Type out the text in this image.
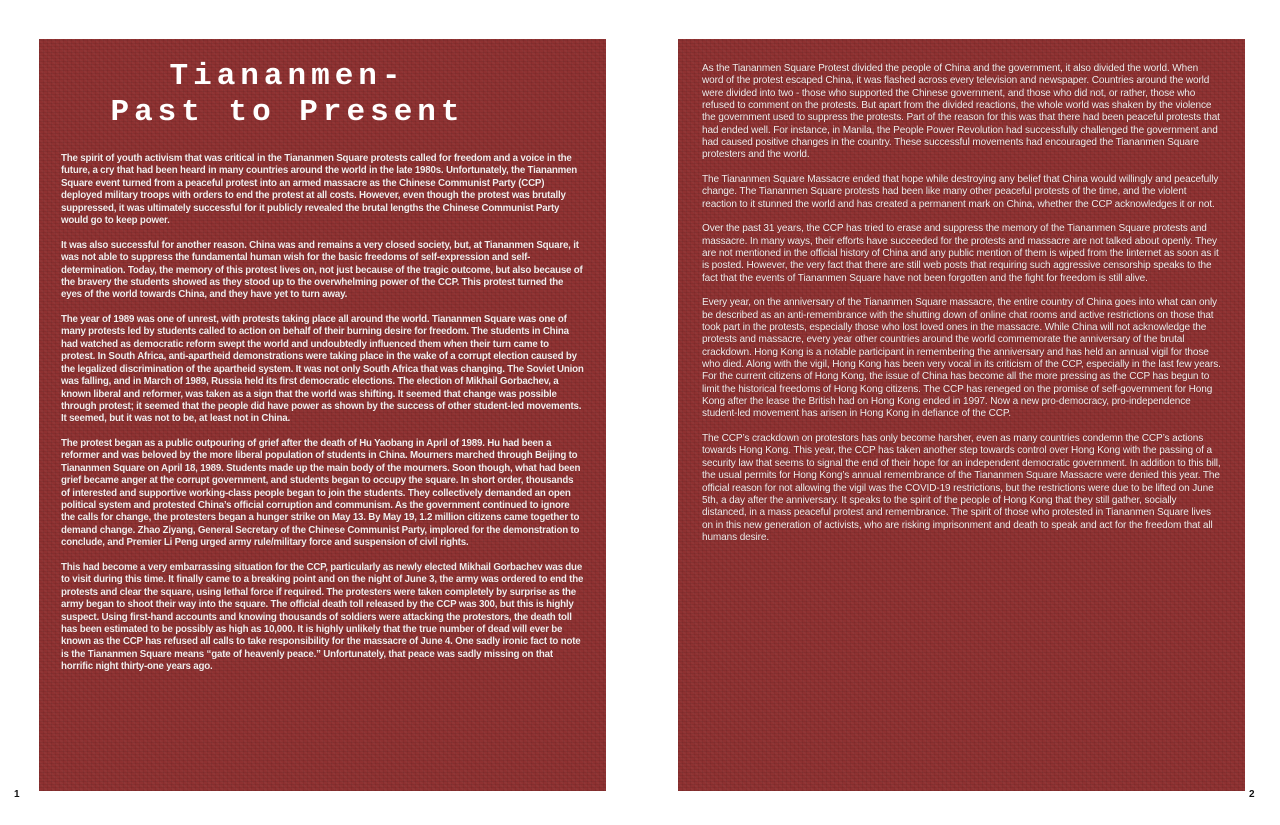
Tiananmen-
Past to Present

The spirit of youth activism that was critical in the Tiananmen Square protests called for freedom and a voice in the future, a cry that had been heard in many countries around the world in the late 1980s. Unfortunately, the Tiananmen Square event turned from a peaceful protest into an armed massacre as the Chinese Communist Party (CCP) deployed military troops with orders to end the protest at all costs. However, even though the protest was brutally suppressed, it was ultimately successful for it publicly revealed the brutal lengths the Chinese Communist Party would go to keep power.

It was also successful for another reason. China was and remains a very closed society, but, at Tiananmen Square, it was not able to suppress the fundamental human wish for the basic freedoms of self-expression and self-determination. Today, the memory of this protest lives on, not just because of the tragic outcome, but also because of the bravery the students showed as they stood up to the overwhelming power of the CCP. This protest turned the eyes of the world towards China, and they have yet to turn away.

The year of 1989 was one of unrest, with protests taking place all around the world. Tiananmen Square was one of many protests led by students called to action on behalf of their burning desire for freedom. The students in China had watched as democratic reform swept the world and undoubtedly influenced them when their turn came to protest. In South Africa, anti-apartheid demonstrations were taking place in the wake of a corrupt election caused by the legalized discrimination of the apartheid system. It was not only South Africa that was changing. The Soviet Union was falling, and in March of 1989, Russia held its first democratic elections. The election of Mikhail Gorbachev, a known liberal and reformer, was taken as a sign that the world was shifting. It seemed that change was possible through protest; it seemed that the people did have power as shown by the success of other student-led movements. It seemed, but it was not to be, at least not in China.

The protest began as a public outpouring of grief after the death of Hu Yaobang in April of 1989. Hu had been a reformer and was beloved by the more liberal population of students in China. Mourners marched through Beijing to Tiananmen Square on April 18, 1989. Students made up the main body of the mourners. Soon though, what had been grief became anger at the corrupt government, and students began to occupy the square. In short order, thousands of interested and supportive working-class people began to join the students. They collectively demanded an open political system and protested China’s official corruption and communism. As the government continued to ignore the calls for change, the protesters began a hunger strike on May 13. By May 19, 1.2 million citizens came together to demand change. Zhao Ziyang, General Secretary of the Chinese Communist Party, implored for the demonstration to conclude, and Premier Li Peng urged army rule/military force and suspension of civil rights.

This had become a very embarrassing situation for the CCP, particularly as newly elected Mikhail Gorbachev was due to visit during this time. It finally came to a breaking point and on the night of June 3, the army was ordered to end the protests and clear the square, using lethal force if required. The protesters were taken completely by surprise as the army began to shoot their way into the square. The official death toll released by the CCP was 300, but this is highly suspect. Using first-hand accounts and knowing thousands of soldiers were attacking the protestors, the death toll has been estimated to be possibly as high as 10,000. It is highly unlikely that the true number of dead will ever be known as the CCP has refused all calls to take responsibility for the massacre of June 4. One sadly ironic fact to note is the Tiananmen Square means “gate of heavenly peace.” Unfortunately, that peace was sadly missing on that horrific night thirty-one years ago.

As the Tiananmen Square Protest divided the people of China and the government, it also divided the world. When word of the protest escaped China, it was flashed across every television and newspaper. Countries around the world were divided into two - those who supported the Chinese government, and those who did not, or rather, those who refused to comment on the protests. But apart from the divided reactions, the whole world was shaken by the violence the government used to suppress the protests. Part of the reason for this was that there had been peaceful protests that had ended well. For instance, in Manila, the People Power Revolution had successfully challenged the government and had caused positive changes in the country. These successful movements had encouraged the Tiananmen Square protesters and the world.

The Tiananmen Square Massacre ended that hope while destroying any belief that China would willingly and peacefully change. The Tiananmen Square protests had been like many other peaceful protests of the time, and the violent reaction to it stunned the world and has created a permanent mark on China, whether the CCP acknowledges it or not.

Over the past 31 years, the CCP has tried to erase and suppress the memory of the Tiananmen Square protests and massacre. In many ways, their efforts have succeeded for the protests and massacre are not talked about openly. They are not mentioned in the official history of China and any public mention of them is wiped from the Iinternet as soon as it is posted. However, the very fact that there are still web posts that requiring such aggressive censorship speaks to the fact that the events of Tiananmen Square have not been forgotten and the fight for freedom is still alive.

Every year, on the anniversary of the Tiananmen Square massacre, the entire country of China goes into what can only be described as an anti-remembrance with the shutting down of online chat rooms and active restrictions on those that took part in the protests, especially those who lost loved ones in the massacre. While China will not acknowledge the protests and massacre, every year other countries around the world commemorate the anniversary of the brutal crackdown. Hong Kong is a notable participant in remembering the anniversary and has held an annual vigil for those who died. Along with the vigil, Hong Kong has been very vocal in its criticism of the CCP, especially in the last few years. For the current citizens of Hong Kong, the issue of China has become all the more pressing as the CCP has begun to limit the historical freedoms of Hong Kong citizens. The CCP has reneged on the promise of self-government for Hong Kong after the lease the British had on Hong Kong ended in 1997. Now a new pro-democracy, pro-independence student-led movement has arisen in Hong Kong in defiance of the CCP.

The CCP’s crackdown on protestors has only become harsher, even as many countries condemn the CCP’s actions towards Hong Kong. This year, the CCP has taken another step towards control over Hong Kong with the passing of a security law that seems to signal the end of their hope for an independent democratic government. In addition to this bill, the usual permits for Hong Kong’s annual remembrance of the Tiananmen Square Massacre were denied this year. The official reason for not allowing the vigil was the COVID-19 restrictions, but the restrictions were due to be lifted on June 5th, a day after the anniversary. It speaks to the spirit of the people of Hong Kong that they still gather, socially distanced, in a mass peaceful protest and remembrance. The spirit of those who protested in Tiananmen Square lives on in this new generation of activists, who are risking imprisonment and death to speak and act for the freedom that all humans desire.

1	2
